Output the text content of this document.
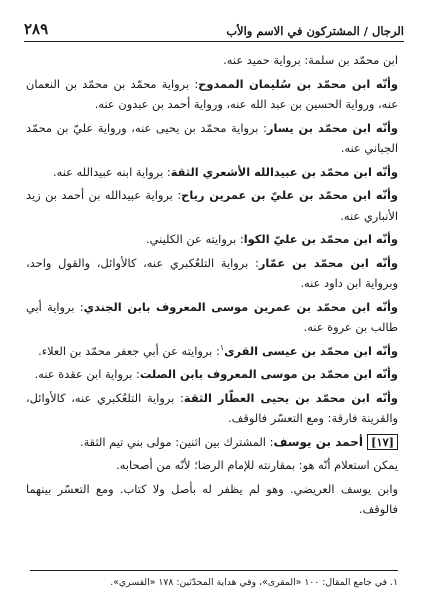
الرجال / المشتركون في الاسم والأب
٢٨٩

ابن محمّد بن سلمة: برواية حميد عنه.

وأنّه ابن محمّد بن سُليمان الممدوح: برواية محمّد بن محمّد بن النعمان عنه، ورواية الحسين بن عبد الله عنه، ورواية أحمد بن عبدون عنه.

وأنّه ابن محمّد بن يسار: برواية محمّد بن يحيى عنه، ورواية عليّ بن محمّد الجباني عنه.

وأنّه ابن محمّد بن عبيدالله الأشعري الثقة: برواية ابنه عبيدالله عنه.

وأنّه ابن محمّد بن عليّ بن عمرين رياح: برواية عبيدالله بن أحمد بن زيد الأنباري عنه.

وأنّه ابن محمّد بن عليّ الكوا: بروايته عن الكليني.

وأنّه ابن محمّد بن عمّار: برواية التلعُكبري عنه، كالأوائل، والقول واحد، وبرواية ابن داود عنه.

وأنّه ابن محمّد بن عمرين موسى المعروف بابن الجندي: برواية أبي طالب بن عروة عنه.

وأنّه ابن محمّد بن عيسى القرى$^١$: بروايته عن أبي جعفر محمّد بن العلاء.

وأنّه ابن محمّد بن موسى المعروف بابن الصلت: برواية ابن عقدة عنه.

وأنّه ابن محمّد بن يحيى العطّار الثقة: برواية التلعُكبري عنه، كالأوائل، والقرينة فارقة: ومع التعسّر فالوقف.

[١٧]أحمد بن يوسف: المشترك بين اثنين: مولى بني تيم الثقة.

يمكن استعلام أنّه هو: بمقارنته للإمام الرضا؛ لأنّه من أصحابه.

وابن يوسف العريضي. وهو لم يظفر له بأصل ولا كتاب. ومع التعسّر بينهما فالوقف.

١. في جامع المقال: ١٠٠ «المقرى»، وفي هداية المحدّثين: ١٧٨ «القسري».
